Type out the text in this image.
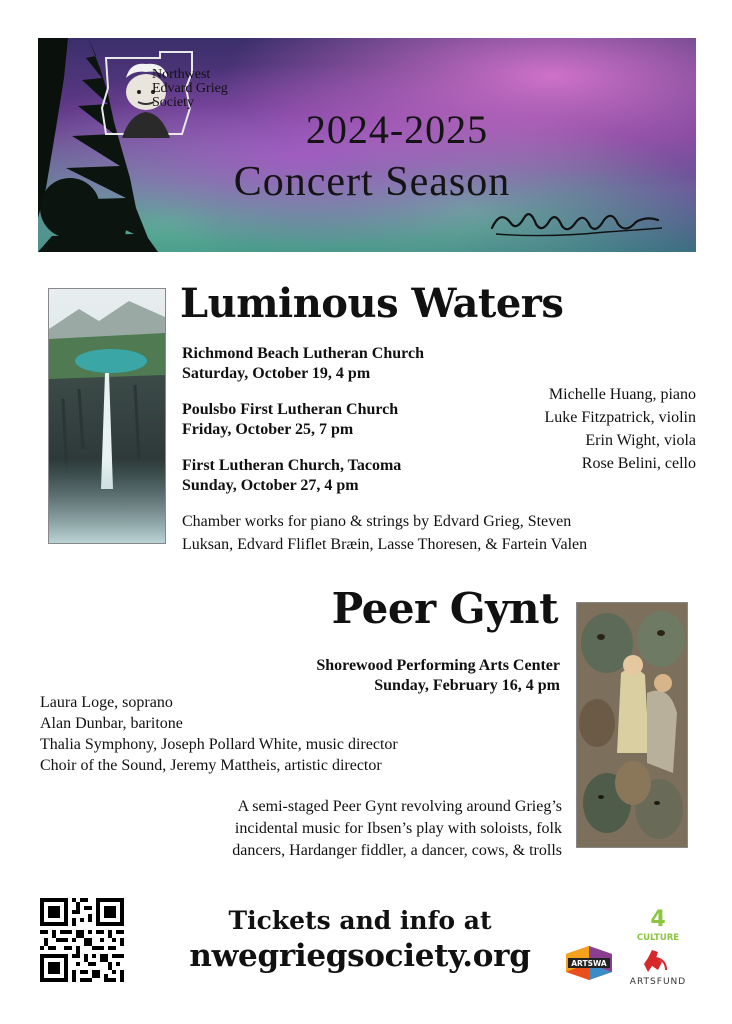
Northwest
Edvard Grieg
Society
2024-2025
Concert Season
Luminous Waters
Richmond Beach Lutheran Church
Saturday, October 19, 4 pm
Poulsbo First Lutheran Church
Friday, October 25, 7 pm
First Lutheran Church, Tacoma
Sunday, October 27, 4 pm
Michelle Huang, piano
Luke Fitzpatrick, violin
Erin Wight, viola
Rose Belini, cello
Chamber works for piano & strings by Edvard Grieg, Steven
Luksan, Edvard Fliflet Bræin, Lasse Thoresen, & Fartein Valen
Peer Gynt
Shorewood Performing Arts Center
Sunday, February 16, 4 pm
Laura Loge, soprano
Alan Dunbar, baritone
Thalia Symphony, Joseph Pollard White, music director
Choir of the Sound, Jeremy Mattheis, artistic director
A semi-staged Peer Gynt revolving around Grieg’s
incidental music for Ibsen’s play with soloists, folk
dancers, Hardanger fiddler, a dancer, cows, & trolls
Tickets and info at
nwegriegsociety.org
4
CULTURE
ARTSWA
ARTSFUND
